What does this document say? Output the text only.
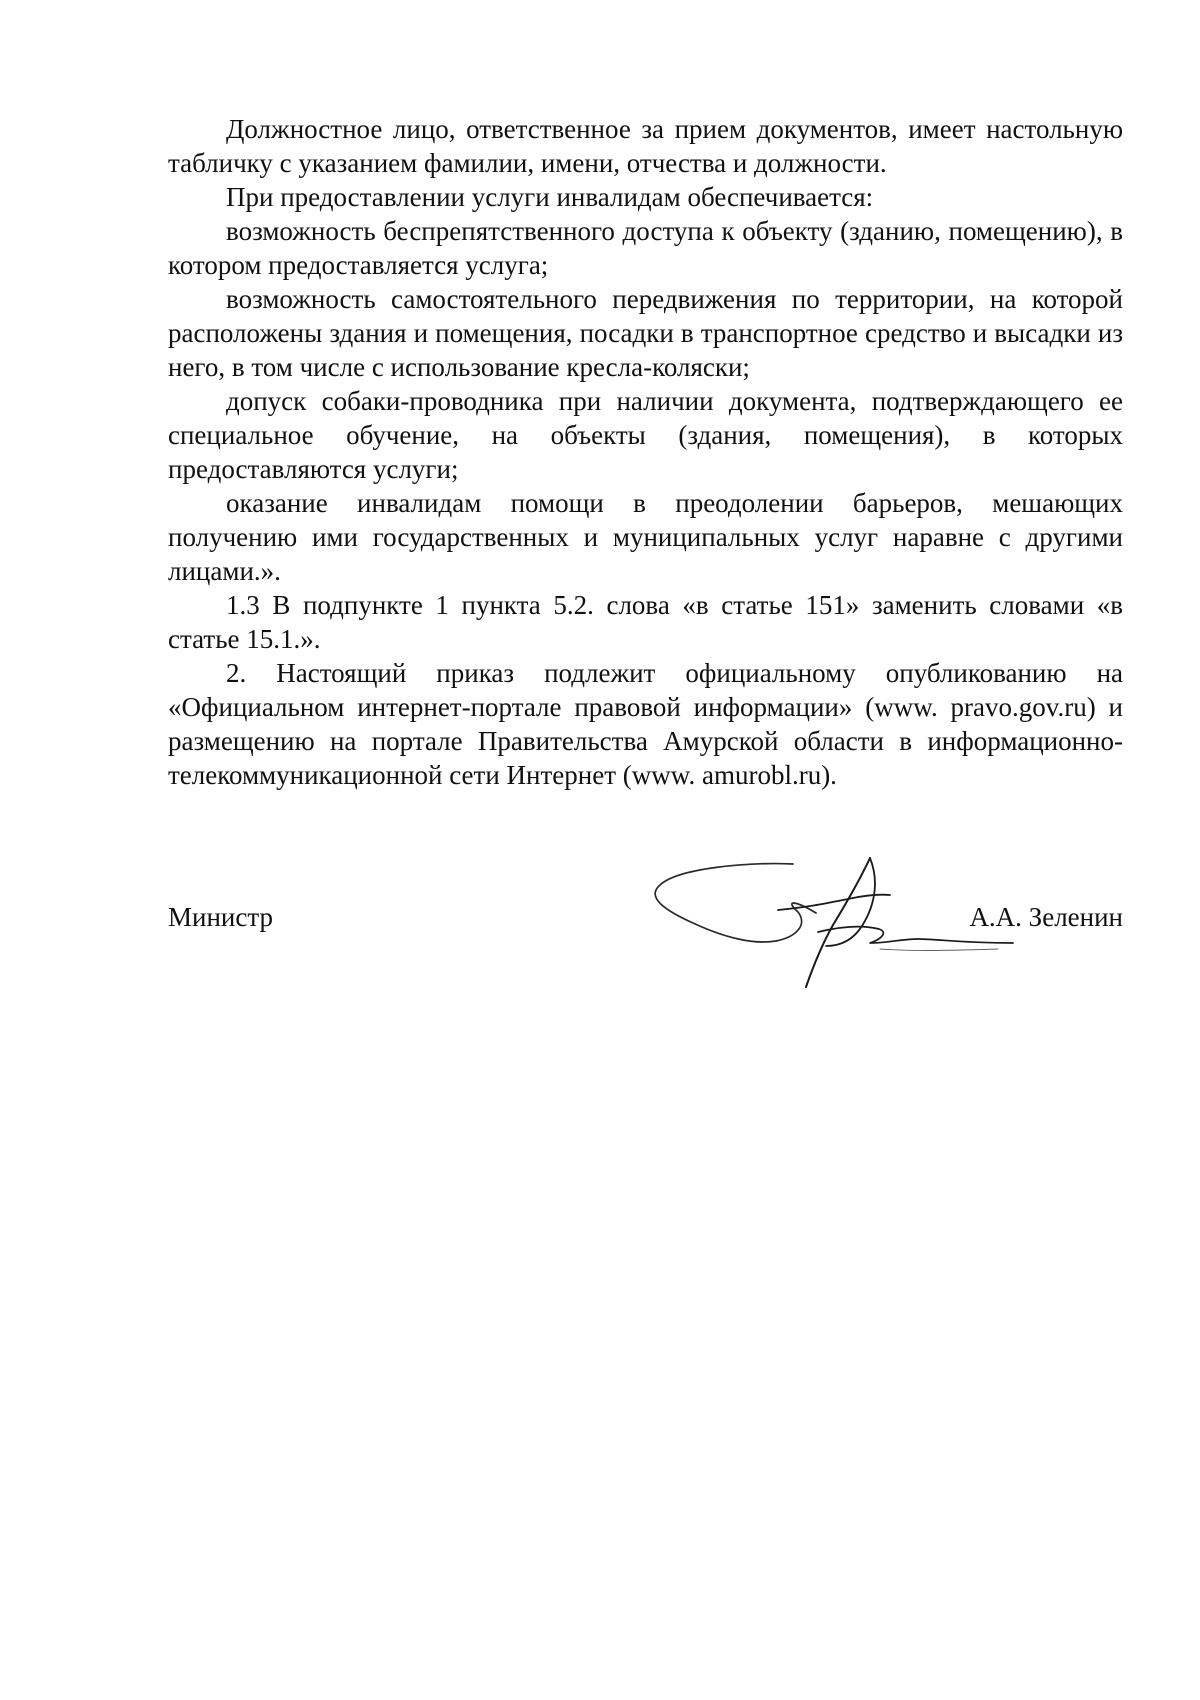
Должностное лицо, ответственное за прием документов, имеет настольную табличку с указанием фамилии, имени, отчества и должности.

При предоставлении услуги инвалидам обеспечивается:

возможность беспрепятственного доступа к объекту (зданию, помещению), в котором предоставляется услуга;

возможность самостоятельного передвижения по территории, на которой расположены здания и помещения, посадки в транспортное средство и высадки из него, в том числе с использование кресла-коляски;

допуск собаки-проводника при наличии документа, подтверждающего ее специальное обучение, на объекты (здания, помещения), в которых предоставляются услуги;

оказание инвалидам помощи в преодолении барьеров, мешающих получению ими государственных и муниципальных услуг наравне с другими лицами.».

1.3 В подпункте 1 пункта 5.2. слова «в статье 151» заменить словами «в статье 15.1.».

2. Настоящий приказ подлежит официальному опубликованию на «Официальном интернет-портале правовой информации» (www. pravo.gov.ru) и размещению на портале Правительства Амурской области в информационно-телекоммуникационной сети Интернет (www. amurobl.ru).

Министр	А.А. Зеленин
